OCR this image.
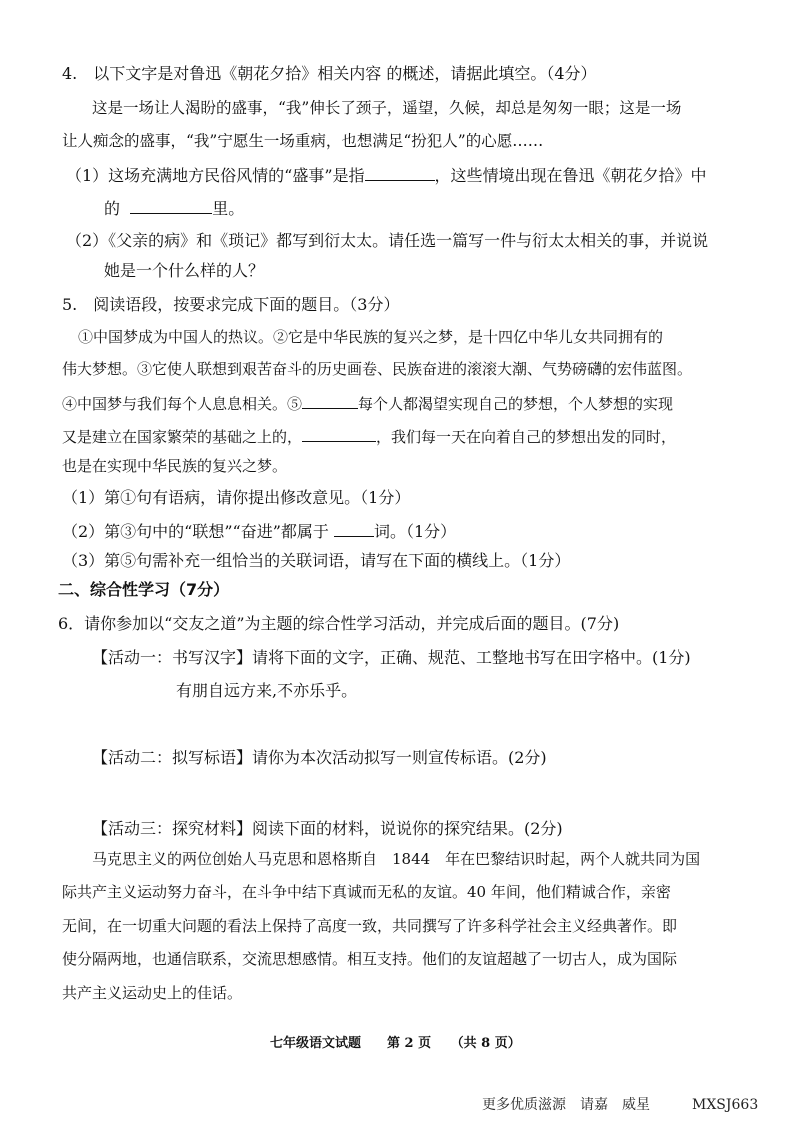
4.　以下文字是对鲁迅《朝花夕拾》相关内容 的概述，请据此填空。（4分）
这是一场让人渴盼的盛事，“我”伸长了颈子，遥望，久候，却总是匆匆一眼；这是一场
让人痴念的盛事，“我”宁愿生一场重病，也想满足“扮犯人”的心愿……
（1）这场充满地方民俗风情的“盛事”是指	，这些情境出现在鲁迅《朝花夕拾》中
的	里。
（2）《父亲的病》和《琐记》都写到衍太太。请任选一篇写一件与衍太太相关的事，并说说
她是一个什么样的人？
5.　阅读语段，按要求完成下面的题目。（3分）
①中国梦成为中国人的热议。②它是中华民族的复兴之梦，是十四亿中华儿女共同拥有的
伟大梦想。③它使人联想到艰苦奋斗的历史画卷、民族奋进的滚滚大潮、气势磅礴的宏伟蓝图。
④中国梦与我们每个人息息相关。⑤	每个人都渴望实现自己的梦想，个人梦想的实现
又是建立在国家繁荣的基础之上的，	，我们每一天在向着自己的梦想出发的同时，
也是在实现中华民族的复兴之梦。
（1）第①句有语病，请你提出修改意见。（1分）
（2）第③句中的“联想”“奋进”都属于	词。（1分）
（3）第⑤句需补充一组恰当的关联词语，请写在下面的横线上。（1分）
二、综合性学习（7分）
6．请你参加以“交友之道”为主题的综合性学习活动，并完成后面的题目。(7分)
【活动一：书写汉字】请将下面的文字，正确、规范、工整地书写在田字格中。(1分)
有朋自远方来,不亦乐乎。
【活动二：拟写标语】请你为本次活动拟写一则宣传标语。(2分)
【活动三：探究材料】阅读下面的材料，说说你的探究结果。(2分)
马克思主义的两位创始人马克思和恩格斯自　1844　年在巴黎结识时起，两个人就共同为国
际共产主义运动努力奋斗，在斗争中结下真诚而无私的友谊。40 年间，他们精诚合作，亲密
无间，在一切重大问题的看法上保持了高度一致，共同撰写了许多科学社会主义经典著作。即
使分隔两地，也通信联系，交流思想感情。相互支持。他们的友谊超越了一切古人，成为国际
共产主义运动史上的佳话。
七年级语文试题　　第 2 页　　（共 8 页）
更多优质滋源　请嘉　威星　　　MXSJ663
